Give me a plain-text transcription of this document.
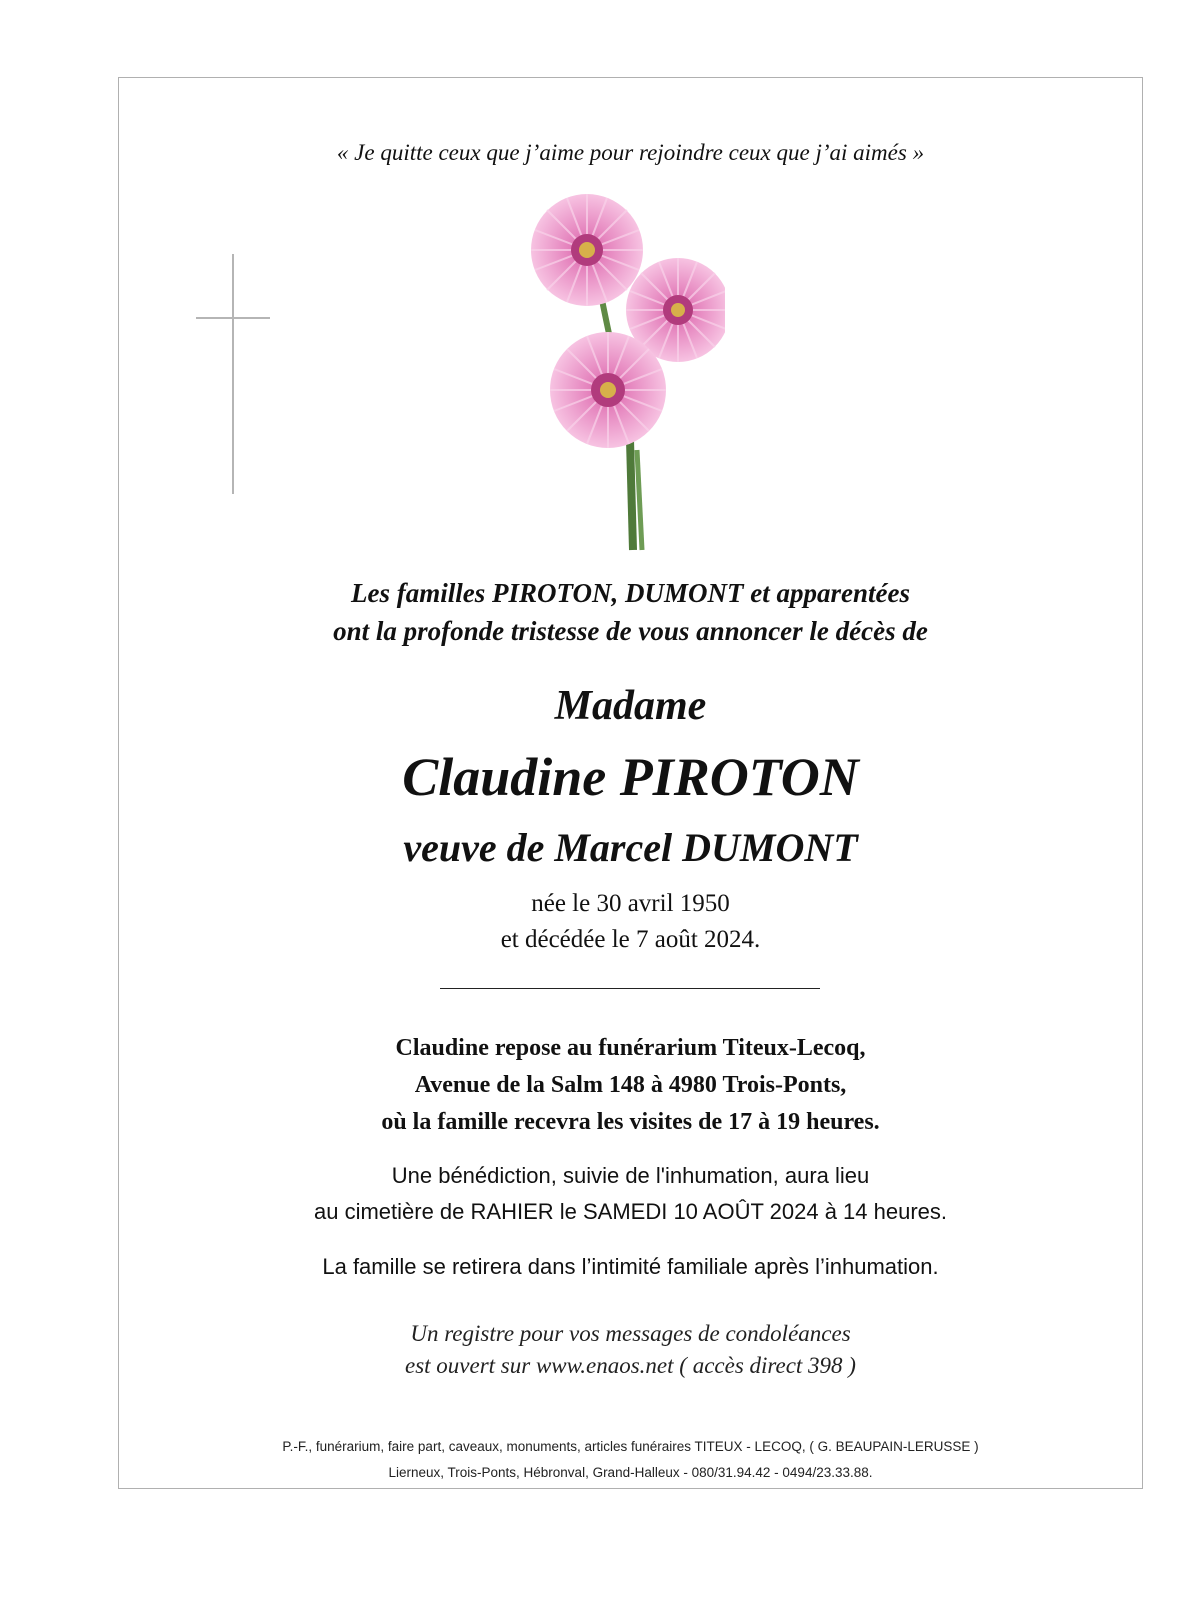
« Je quitte ceux que j’aime pour rejoindre ceux que j’ai aimés »
Les familles PIROTON, DUMONT et apparentées
ont la profonde tristesse de vous annoncer le décès de
Madame
Claudine PIROTON
veuve de Marcel DUMONT
née le 30 avril 1950
et décédée le 7 août 2024.
Claudine repose au funérarium Titeux-Lecoq,
Avenue de la Salm 148 à 4980 Trois-Ponts,
où la famille recevra les visites de 17 à 19 heures.
Une bénédiction, suivie de l'inhumation, aura lieu
au cimetière de RAHIER le SAMEDI 10 AOÛT 2024 à 14 heures.
La famille se retirera dans l’intimité familiale après l’inhumation.
Un registre pour vos messages de condoléances
est ouvert sur www.enaos.net ( accès direct 398 )
P.-F., funérarium, faire part, caveaux, monuments, articles funéraires TITEUX - LECOQ, ( G. BEAUPAIN-LERUSSE )
Lierneux, Trois-Ponts, Hébronval, Grand-Halleux - 080/31.94.42 - 0494/23.33.88.
